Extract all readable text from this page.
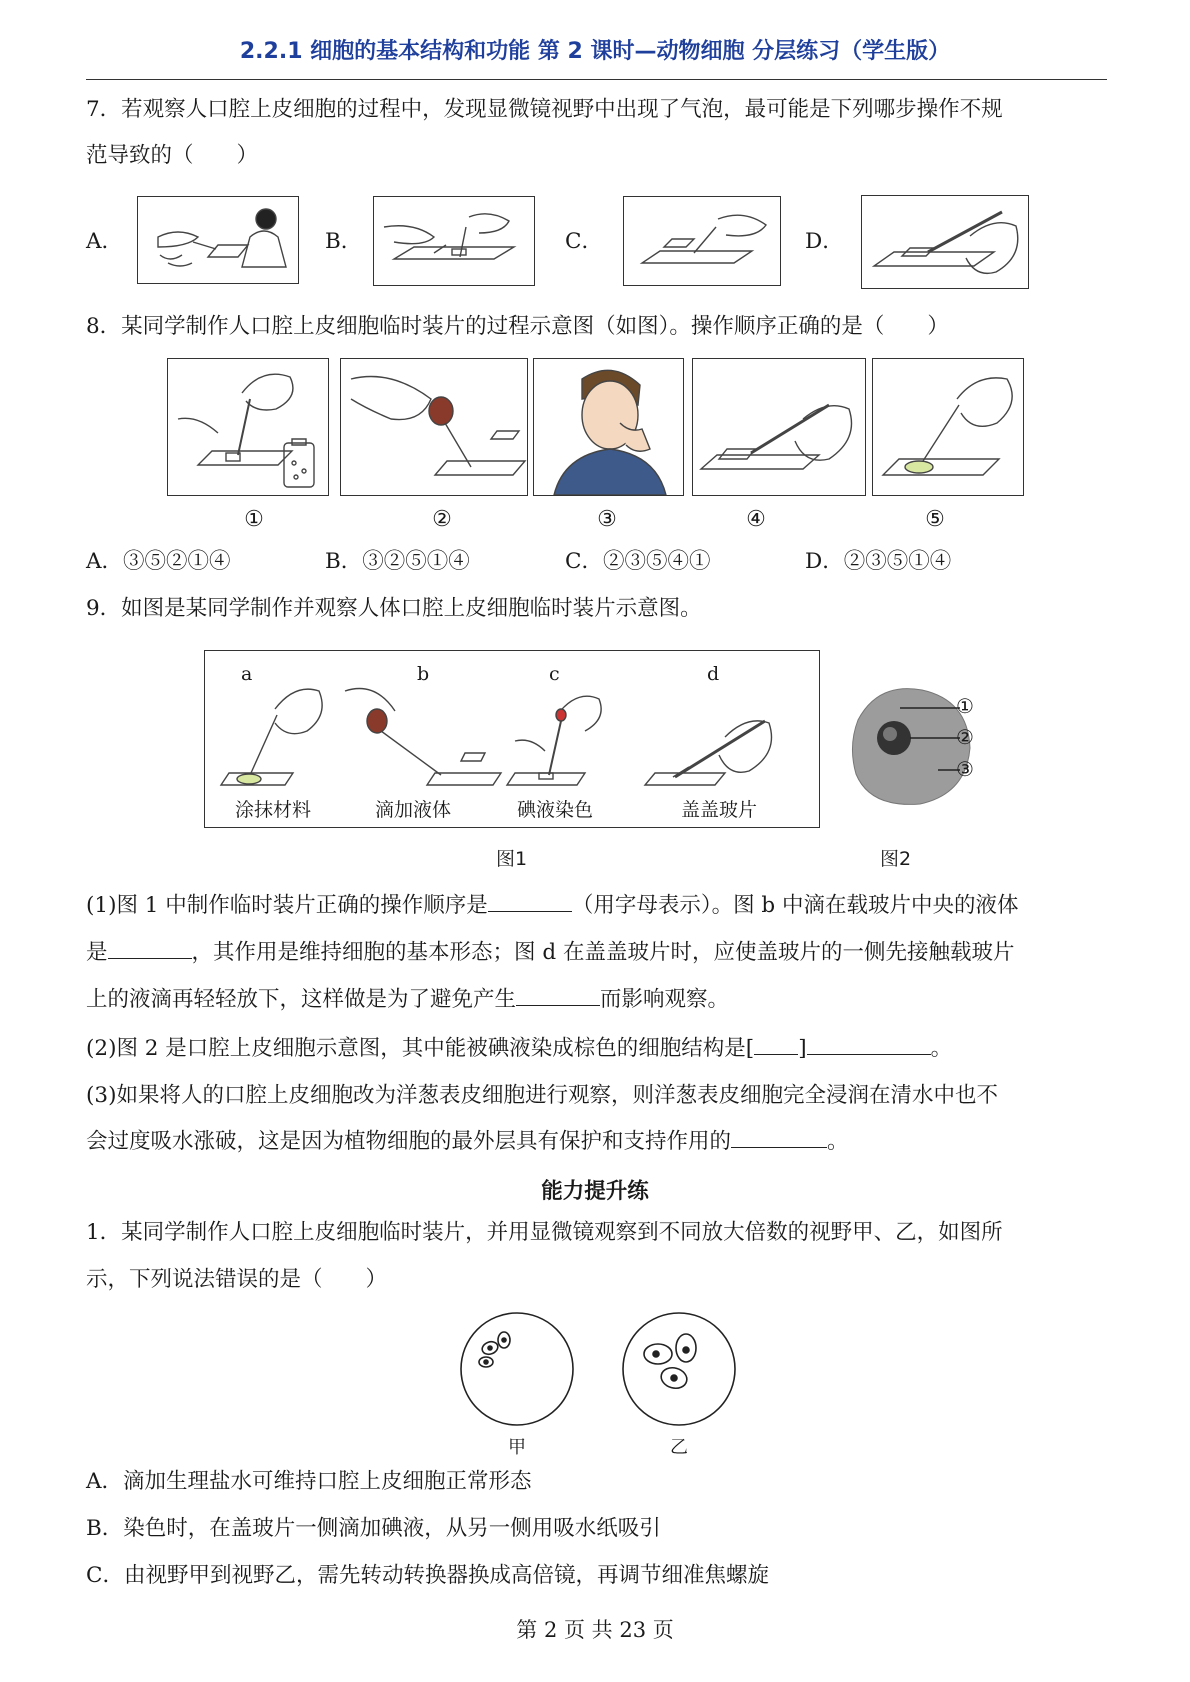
2.2.1 细胞的基本结构和功能 第 2 课时—动物细胞 分层练习（学生版）
7．若观察人口腔上皮细胞的过程中，发现显微镜视野中出现了气泡，最可能是下列哪步操作不规
范导致的（　　）
A．	B．	C．	D．
8．某同学制作人口腔上皮细胞临时装片的过程示意图（如图）。操作顺序正确的是（　　）
①	②	③	④	⑤
A．③⑤②①④	B．③②⑤①④	C．②③⑤④①	D．②③⑤①④
9．如图是某同学制作并观察人体口腔上皮细胞临时装片示意图。
a	b	c	d
涂抹材料	滴加液体	碘液染色	盖盖玻片
①
②
③
图1	图2
(1)图 1 中制作临时装片正确的操作顺序是	（用字母表示）。图 b 中滴在载玻片中央的液体
是	，其作用是维持细胞的基本形态；图 d 在盖盖玻片时，应使盖玻片的一侧先接触载玻片
上的液滴再轻轻放下，这样做是为了避免产生	而影响观察。
(2)图 2 是口腔上皮细胞示意图，其中能被碘液染成棕色的细胞结构是[ ]	。
(3)如果将人的口腔上皮细胞改为洋葱表皮细胞进行观察，则洋葱表皮细胞完全浸润在清水中也不
会过度吸水涨破，这是因为植物细胞的最外层具有保护和支持作用的	。
能力提升练
1．某同学制作人口腔上皮细胞临时装片，并用显微镜观察到不同放大倍数的视野甲、乙，如图所
示，下列说法错误的是（　　）
甲	乙
A．滴加生理盐水可维持口腔上皮细胞正常形态
B．染色时，在盖玻片一侧滴加碘液，从另一侧用吸水纸吸引
C．由视野甲到视野乙，需先转动转换器换成高倍镜，再调节细准焦螺旋
第 2 页 共 23 页
